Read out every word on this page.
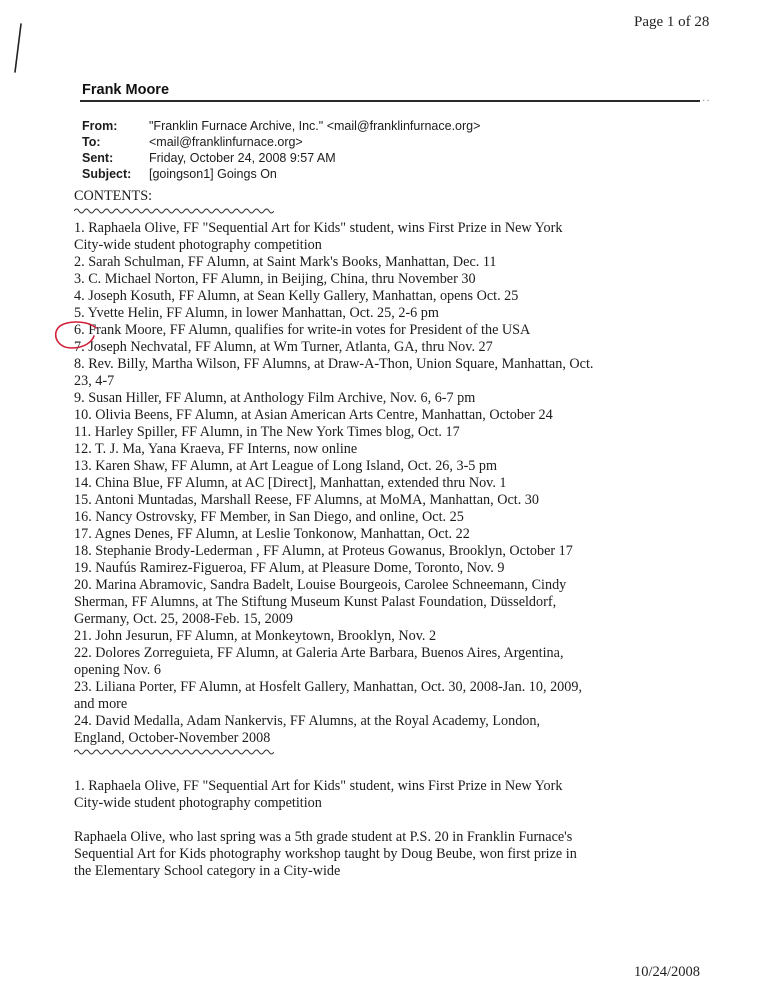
Page 1 of 28
Frank Moore
··
From:	"Franklin Furnace Archive, Inc." <mail@franklinfurnace.org>
To:	<mail@franklinfurnace.org>
Sent:	Friday, October 24, 2008 9:57 AM
Subject:	[goingson1] Goings On
CONTENTS:
1. Raphaela Olive, FF "Sequential Art for Kids" student, wins First Prize in New York City-wide student photography competition
2. Sarah Schulman, FF Alumn, at Saint Mark's Books, Manhattan, Dec. 11
3. C. Michael Norton, FF Alumn, in Beijing, China, thru November 30
4. Joseph Kosuth, FF Alumn, at Sean Kelly Gallery, Manhattan, opens Oct. 25
5. Yvette Helin, FF Alumn, in lower Manhattan, Oct. 25, 2-6 pm
6. Frank Moore, FF Alumn, qualifies for write-in votes for President of the USA
7. Joseph Nechvatal, FF Alumn, at Wm Turner, Atlanta, GA, thru Nov. 27
8. Rev. Billy, Martha Wilson, FF Alumns, at Draw-A-Thon, Union Square, Manhattan, Oct. 23, 4-7
9. Susan Hiller, FF Alumn, at Anthology Film Archive, Nov. 6, 6-7 pm
10. Olivia Beens, FF Alumn, at Asian American Arts Centre, Manhattan, October 24
11. Harley Spiller, FF Alumn, in The New York Times blog, Oct. 17
12. T. J. Ma, Yana Kraeva, FF Interns, now online
13. Karen Shaw, FF Alumn, at Art League of Long Island, Oct. 26, 3-5 pm
14. China Blue, FF Alumn, at AC [Direct], Manhattan, extended thru Nov. 1
15. Antoni Muntadas, Marshall Reese, FF Alumns, at MoMA, Manhattan, Oct. 30
16. Nancy Ostrovsky, FF Member, in San Diego, and online, Oct. 25
17. Agnes Denes, FF Alumn, at Leslie Tonkonow, Manhattan, Oct. 22
18. Stephanie Brody-Lederman , FF Alumn, at Proteus Gowanus, Brooklyn, October 17
19. Naufús Ramirez-Figueroa, FF Alum, at Pleasure Dome, Toronto, Nov. 9
20. Marina Abramovic, Sandra Badelt, Louise Bourgeois, Carolee Schneemann, Cindy Sherman, FF Alumns, at The Stiftung Museum Kunst Palast Foundation, Düsseldorf, Germany, Oct. 25, 2008-Feb. 15, 2009
21. John Jesurun, FF Alumn, at Monkeytown, Brooklyn, Nov. 2
22. Dolores Zorreguieta, FF Alumn, at Galeria Arte Barbara, Buenos Aires, Argentina, opening Nov. 6
23. Liliana Porter, FF Alumn, at Hosfelt Gallery, Manhattan, Oct. 30, 2008-Jan. 10, 2009, and more
24. David Medalla, Adam Nankervis, FF Alumns, at the Royal Academy, London, England, October-November 2008
1. Raphaela Olive, FF "Sequential Art for Kids" student, wins First Prize in New York City-wide student photography competition

Raphaela Olive, who last spring was a 5th grade student at P.S. 20 in Franklin Furnace's Sequential Art for Kids photography workshop taught by Doug Beube, won first prize in the Elementary School category in a City-wide

10/24/2008
